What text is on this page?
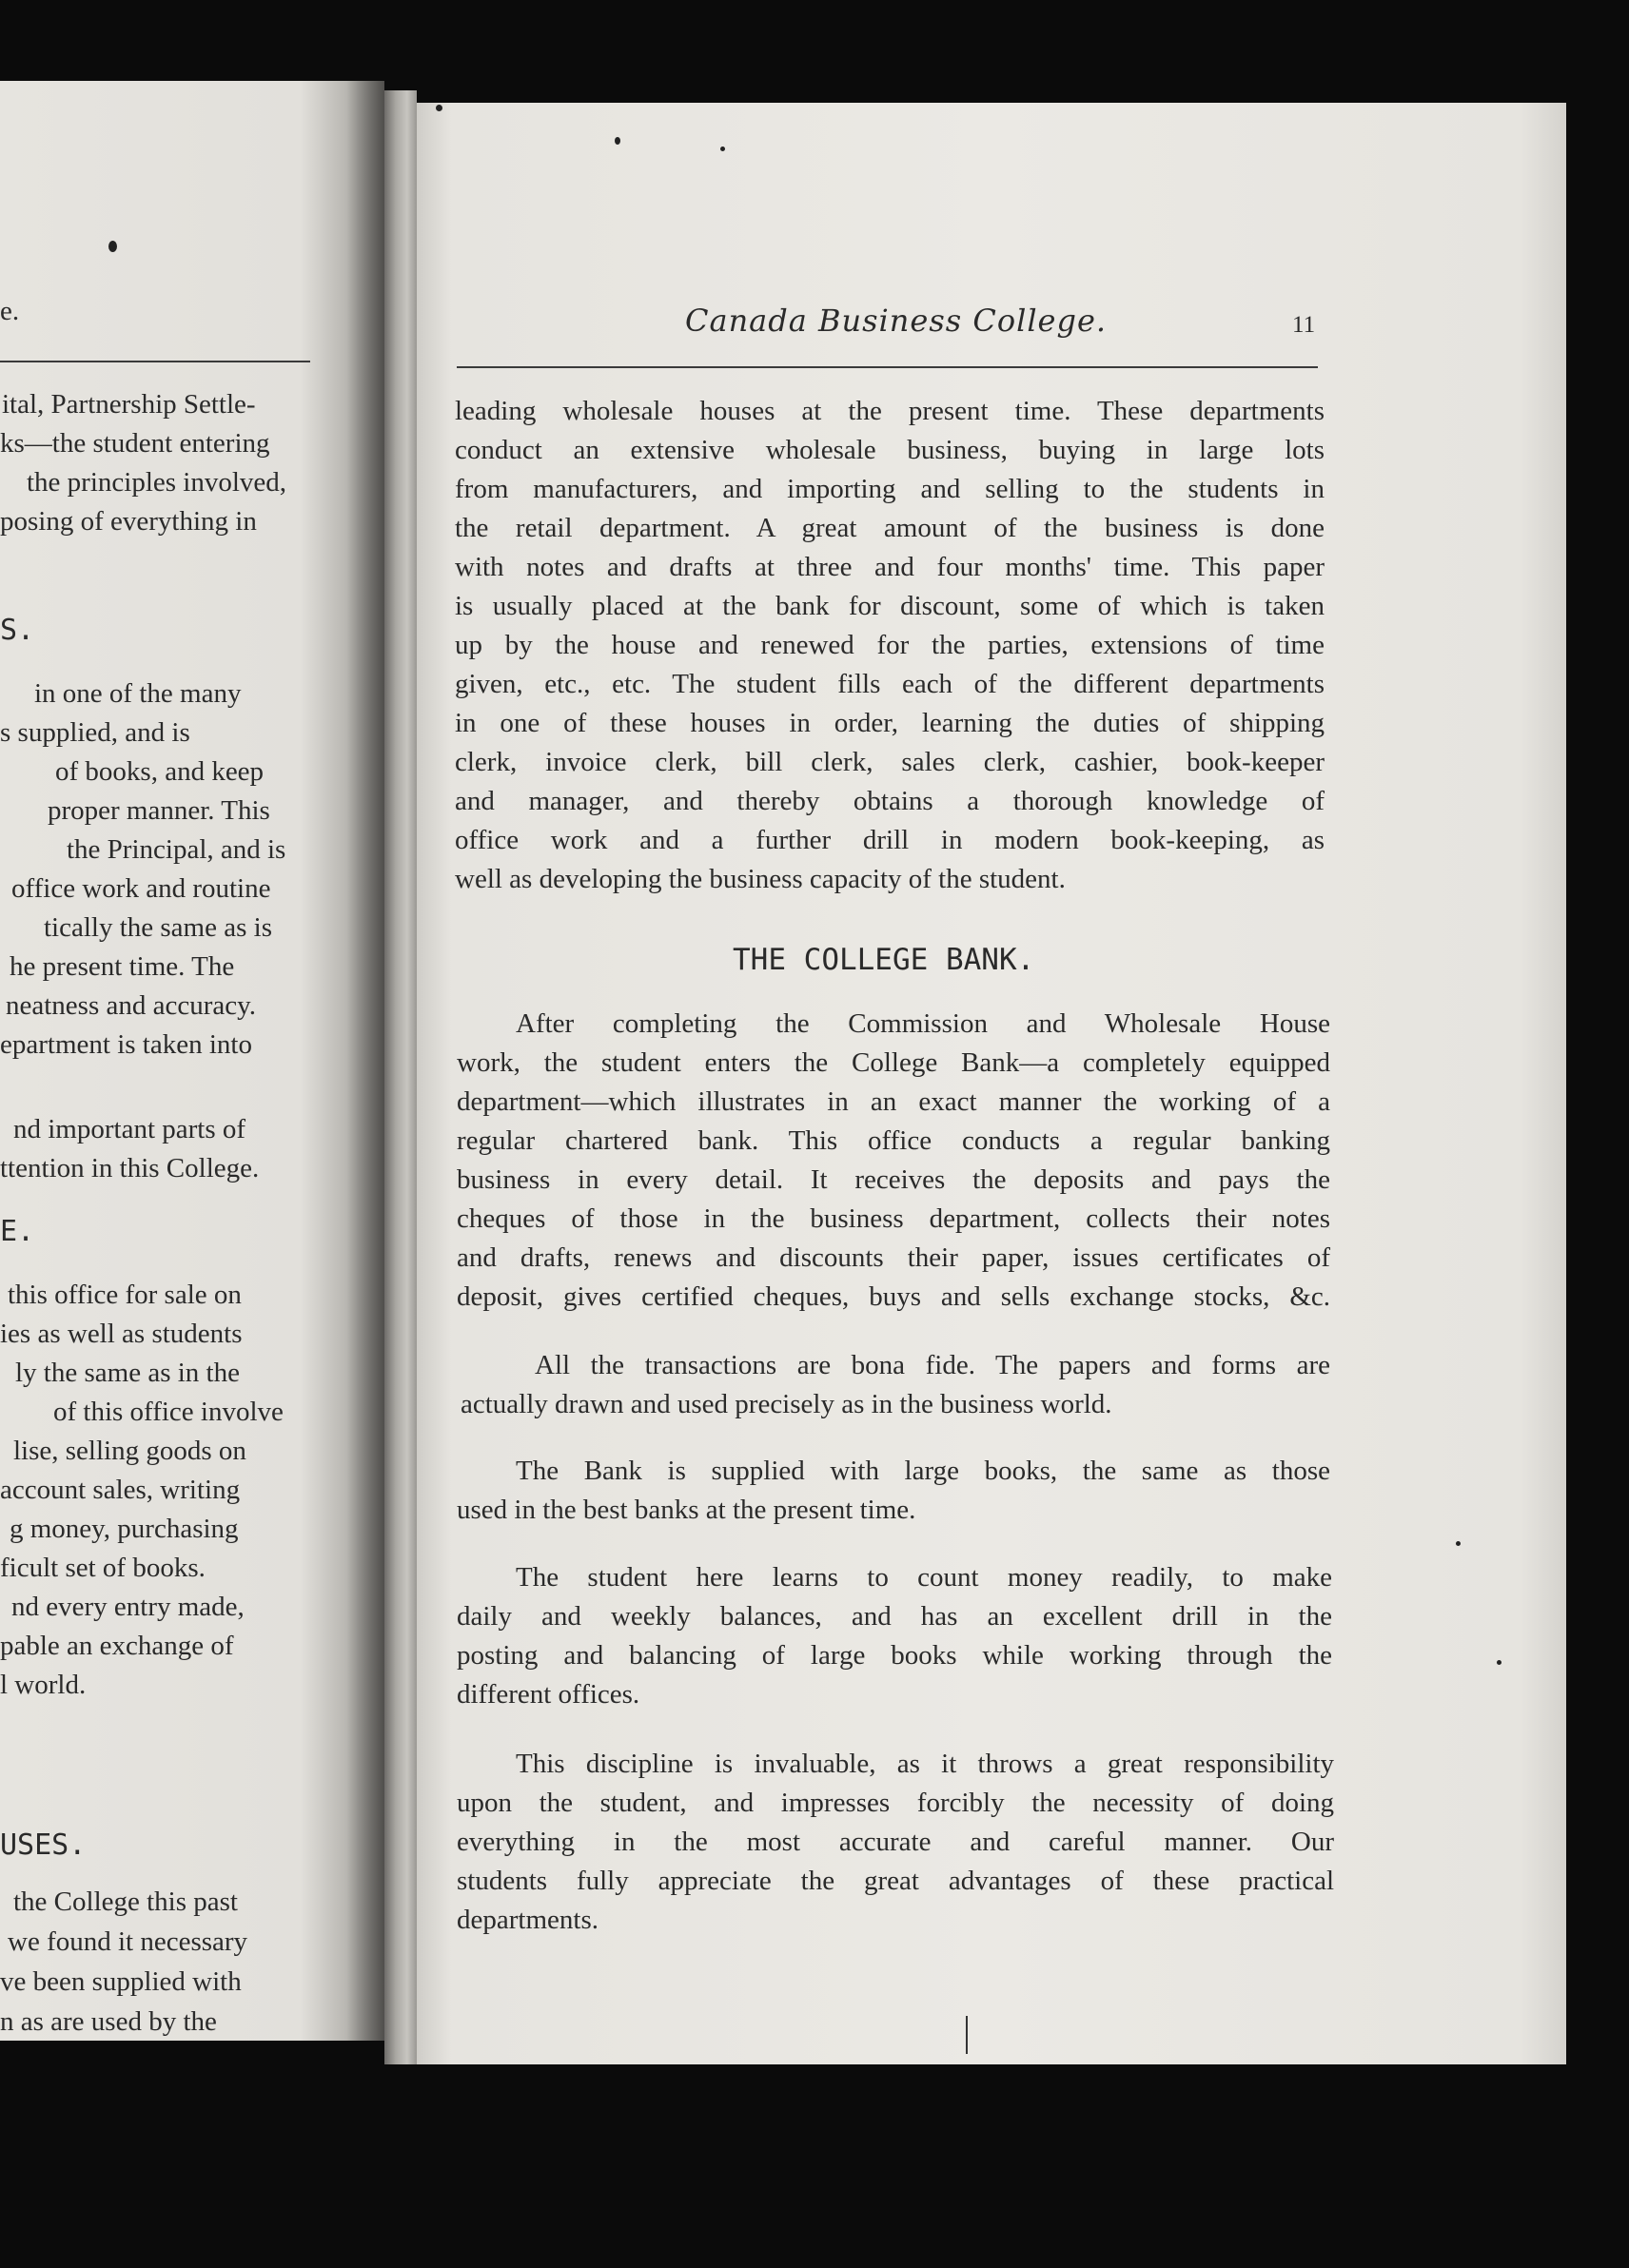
e.
ital, Partnership Settle-
ks—the student entering
the principles involved,
posing of everything in
S.
in one of the many
s supplied, and is
of books, and keep
proper manner. This
the Principal, and is
office work and routine
tically the same as is
he present time. The
neatness and accuracy.
epartment is taken into
nd important parts of
ttention in this College.
E.
this office for sale on
ies as well as students
ly the same as in the
of this office involve
lise, selling goods on
account sales, writing
g money, purchasing
ficult set of books.
nd every entry made,
pable an exchange of
l world.
USES.
the College this past
we found it necessary
ve been supplied with
n as are used by the
Canada Business College.	11
leading wholesale houses at the present time. These departments
conduct an extensive wholesale business, buying in large lots
from manufacturers, and importing and selling to the students in
the retail department. A great amount of the business is done
with notes and drafts at three and four months' time. This paper
is usually placed at the bank for discount, some of which is taken
up by the house and renewed for the parties, extensions of time
given, etc., etc. The student fills each of the different departments
in one of these houses in order, learning the duties of shipping
clerk, invoice clerk, bill clerk, sales clerk, cashier, book-keeper
and manager, and thereby obtains a thorough knowledge of
office work and a further drill in modern book-keeping, as
well as developing the business capacity of the student.
THE COLLEGE BANK.
After completing the Commission and Wholesale House
work, the student enters the College Bank—a completely equipped
department—which illustrates in an exact manner the working of a
regular chartered bank. This office conducts a regular banking
business in every detail. It receives the deposits and pays the
cheques of those in the business department, collects their notes
and drafts, renews and discounts their paper, issues certificates of
deposit, gives certified cheques, buys and sells exchange stocks, &c.
All the transactions are bona fide. The papers and forms are
actually drawn and used precisely as in the business world.
The Bank is supplied with large books, the same as those
used in the best banks at the present time.
The student here learns to count money readily, to make
daily and weekly balances, and has an excellent drill in the
posting and balancing of large books while working through the
different offices.
This discipline is invaluable, as it throws a great responsibility
upon the student, and impresses forcibly the necessity of doing
everything in the most accurate and careful manner. Our
students fully appreciate the great advantages of these practical
departments.
